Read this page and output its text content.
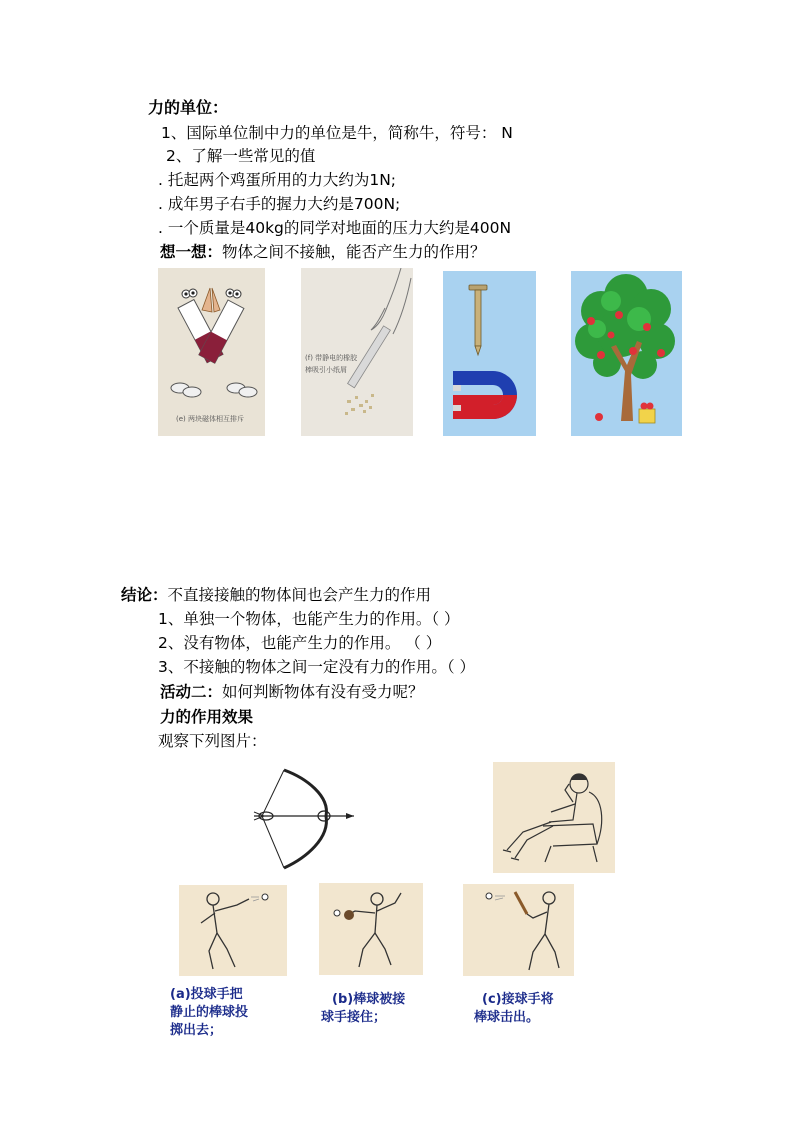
力的单位：
1、国际单位制中力的单位是牛，简称牛，符号： N
2、了解一些常见的值
. 托起两个鸡蛋所用的力大约为1N;
. 成年男子右手的握力大约是700N;
. 一个质量是40kg的同学对地面的压力大约是400N
想一想：物体之间不接触，能否产生力的作用？
(e) 两块磁体相互排斥
(f) 带静电的橡胶
棒吸引小纸屑
结论：不直接接触的物体间也会产生力的作用
1、单独一个物体，也能产生力的作用。（ ）
2、没有物体，也能产生力的作用。 （ ）
3、不接触的物体之间一定没有力的作用。（ ）
活动二：如何判断物体有没有受力呢？
力的作用效果
观察下列图片：
(a)投球手把
静止的棒球投
掷出去；
(b)棒球被接
球手接住；
(c)接球手将
棒球击出。
